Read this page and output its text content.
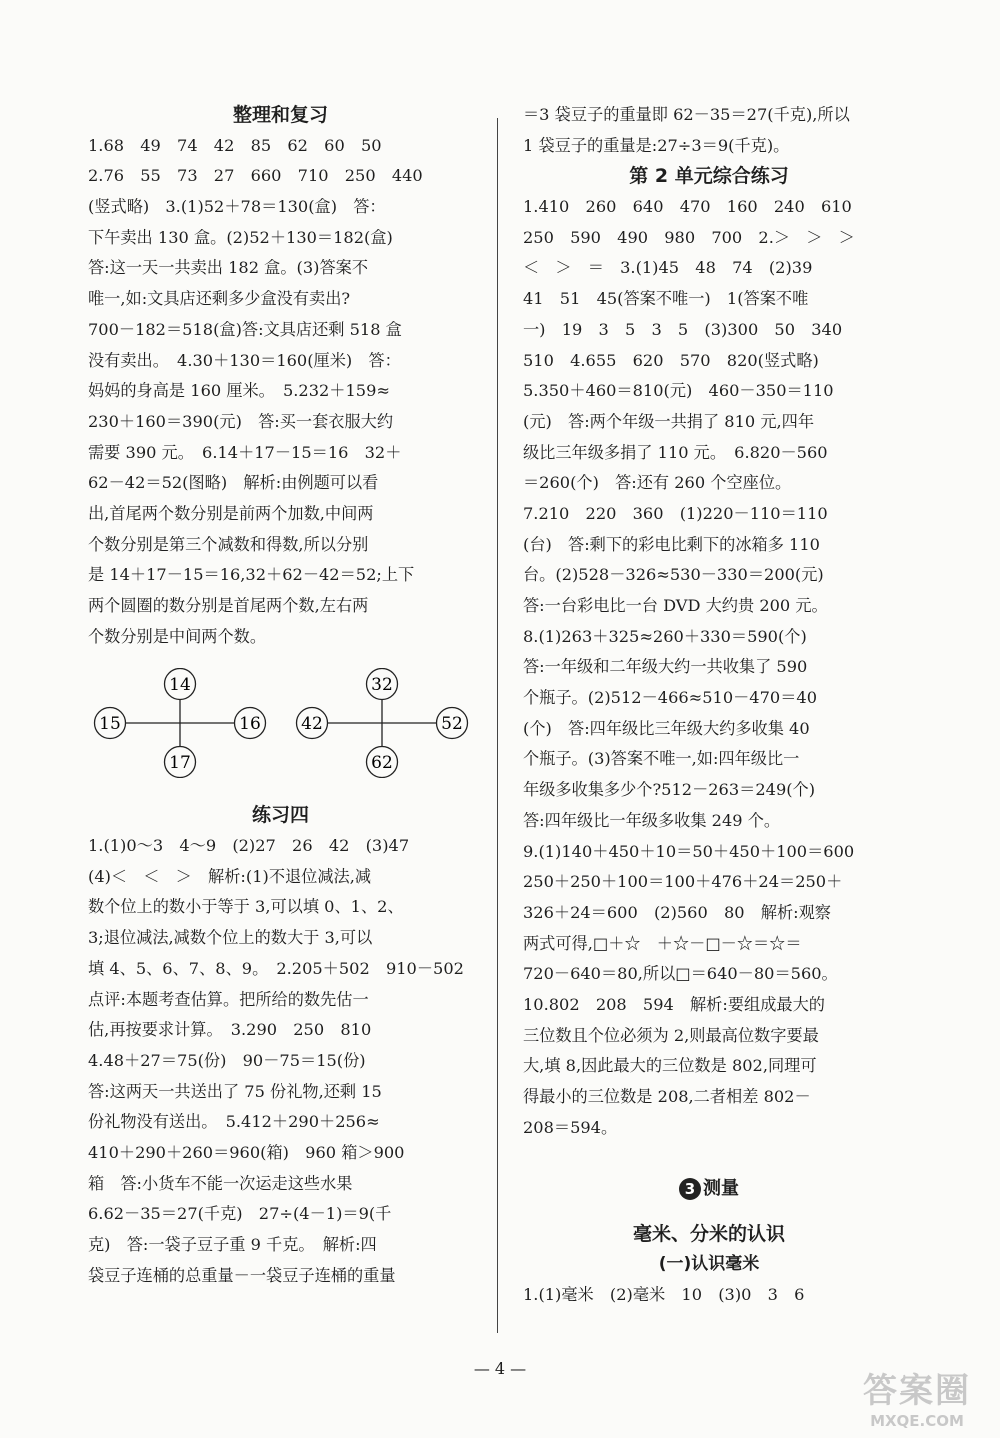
整理和复习
1.68　49　74　42　85　62　60　50
2.76　55　73　27　660　710　250　440
(竖式略)　3.(1)52＋78＝130(盒)　答：
下午卖出 130 盒。(2)52＋130＝182(盒)
答:这一天一共卖出 182 盒。(3)答案不
唯一,如:文具店还剩多少盒没有卖出?
700－182＝518(盒)答:文具店还剩 518 盒
没有卖出。　4.30＋130＝160(厘米)　答：
妈妈的身高是 160 厘米。　5.232＋159≈
230＋160＝390(元)　答:买一套衣服大约
需要 390 元。　6.14＋17－15＝16　32＋
62－42＝52(图略)　解析:由例题可以看
出,首尾两个数分别是前两个加数,中间两
个数分别是第三个减数和得数,所以分别
是 14＋17－15＝16,32＋62－42＝52;上下
两个圆圈的数分别是首尾两个数,左右两
个数分别是中间两个数。
14
15	16
17
32
42	52
62
练习四
1.(1)0～3　4～9　(2)27　26　42　(3)47
(4)＜　＜　＞　解析:(1)不退位减法,减
数个位上的数小于等于 3,可以填 0、1、2、
3;退位减法,减数个位上的数大于 3,可以
填 4、5、6、7、8、9。　2.205＋502　910－502
点评:本题考查估算。把所给的数先估一
估,再按要求计算。　3.290　250　810
4.48＋27＝75(份)　90－75＝15(份)
答:这两天一共送出了 75 份礼物,还剩 15
份礼物没有送出。　5.412＋290＋256≈
410＋290＋260＝960(箱)　960 箱＞900
箱　答:小货车不能一次运走这些水果
6.62－35＝27(千克)　27÷(4－1)＝9(千
克)　答:一袋子豆子重 9 千克。　解析:四
袋豆子连桶的总重量－一袋豆子连桶的重量
＝3 袋豆子的重量即 62－35＝27(千克),所以
1 袋豆子的重量是:27÷3＝9(千克)。
第 2 单元综合练习
1.410　260　640　470　160　240　610
250　590　490　980　700　2.＞　＞　＞
＜　＞　＝　3.(1)45　48　74　(2)39
41　51　45(答案不唯一)　1(答案不唯
一)　19　3　5　3　5　(3)300　50　340
510　4.655　620　570　820(竖式略)
5.350＋460＝810(元)　460－350＝110
(元)　答:两个年级一共捐了 810 元,四年
级比三年级多捐了 110 元。　6.820－560
＝260(个)　答:还有 260 个空座位。
7.210　220　360　(1)220－110＝110
(台)　答:剩下的彩电比剩下的冰箱多 110
台。(2)528－326≈530－330＝200(元)
答:一台彩电比一台 DVD 大约贵 200 元。
8.(1)263＋325≈260＋330＝590(个)
答:一年级和二年级大约一共收集了 590
个瓶子。(2)512－466≈510－470＝40
(个)　答:四年级比三年级大约多收集 40
个瓶子。(3)答案不唯一,如:四年级比一
年级多收集多少个?512－263＝249(个)
答:四年级比一年级多收集 249 个。
9.(1)140＋450＋10＝50＋450＋100＝600
250＋250＋100＝100＋476＋24＝250＋
326＋24＝600　(2)560　80　解析:观察
两式可得,□＋☆　＋☆－□－☆＝☆＝
720－640＝80,所以□＝640－80＝560。
10.802　208　594　解析:要组成最大的
三位数且个位必须为 2,则最高位数字要最
大,填 8,因此最大的三位数是 802,同理可
得最小的三位数是 208,二者相差 802－
208＝594。
3 测量
毫米、分米的认识
(一)认识毫米
1.(1)毫米　(2)毫米　10　(3)0　3　6
— 4 —
答案圈
MXQE.COM
